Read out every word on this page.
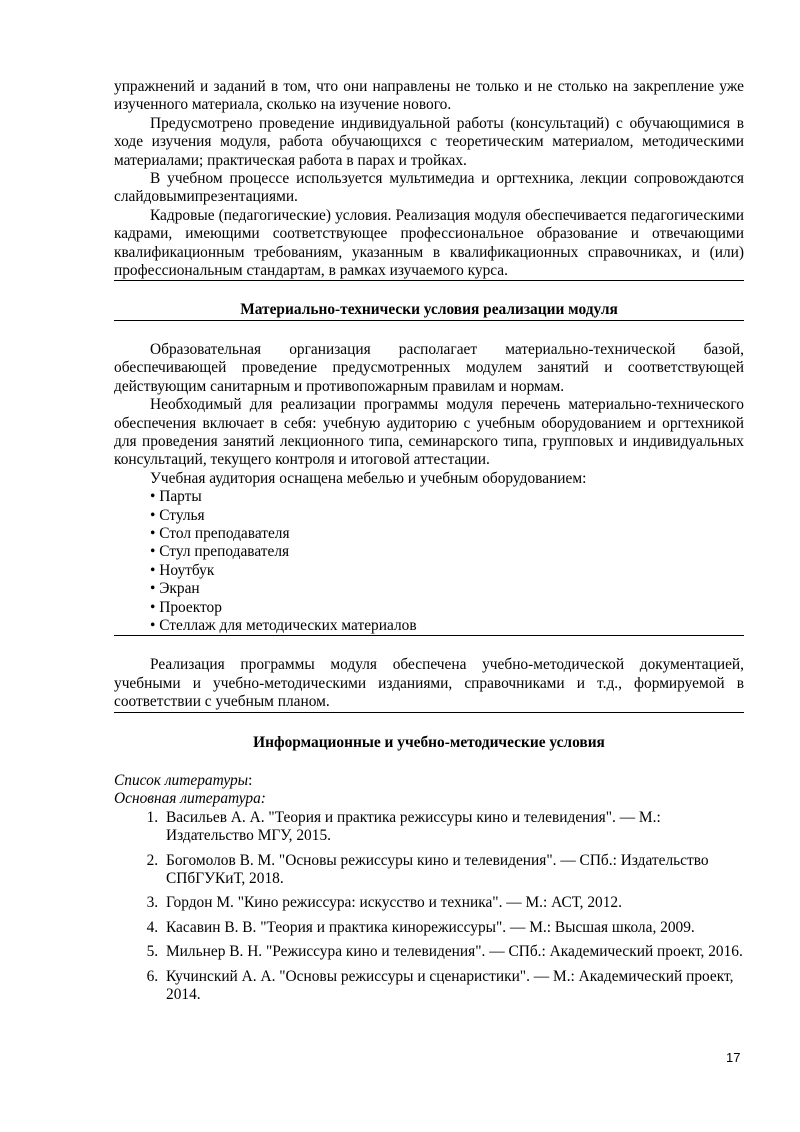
упражнений и заданий в том, что они направлены не только и не столько на закрепление уже изученного материала, сколько на изучение нового.

Предусмотрено проведение индивидуальной работы (консультаций) с обучающимися в ходе изучения модуля, работа обучающихся с теоретическим материалом, методическими материалами; практическая работа в парах и тройках.

В учебном процессе используется мультимедиа и оргтехника, лекции сопровождаются слайдовымипрезентациями.

Кадровые (педагогические) условия. Реализация модуля обеспечивается педагогическими кадрами, имеющими соответствующее профессиональное образование и отвечающими квалификационным требованиям, указанным в квалификационных справочниках, и (или) профессиональным стандартам, в рамках изучаемого курса.

Материально-технически условия реализации модуля

Образовательная организация располагает материально-технической базой, обеспечивающей проведение предусмотренных модулем занятий и соответствующей действующим санитарным и противопожарным правилам и нормам.

Необходимый для реализации программы модуля перечень материально-технического обеспечения включает в себя: учебную аудиторию с учебным оборудованием и оргтехникой для проведения занятий лекционного типа, семинарского типа, групповых и индивидуальных консультаций, текущего контроля и итоговой аттестации.

Учебная аудитория оснащена мебелью и учебным оборудованием:

• Парты
• Стулья
• Стол преподавателя
• Стул преподавателя
• Ноутбук
• Экран
• Проектор
• Стеллаж для методических материалов

Реализация программы модуля обеспечена учебно-методической документацией, учебными и учебно-методическими изданиями, справочниками и т.д., формируемой в соответствии с учебным планом.

Информационные и учебно-методические условия

Список литературы:

Основная литература:

1. Васильев А. А. "Теория и практика режиссуры кино и телевидения". — М.: Издательство МГУ, 2015.
2. Богомолов В. М. "Основы режиссуры кино и телевидения". — СПб.: Издательство СПбГУКиТ, 2018.
3. Гордон М. "Кино режиссура: искусство и техника". — М.: АСТ, 2012.
4. Касавин В. В. "Теория и практика кинорежиссуры". — М.: Высшая школа, 2009.
5. Мильнер В. Н. "Режиссура кино и телевидения". — СПб.: Академический проект, 2016.
6. Кучинский А. А. "Основы режиссуры и сценаристики". — М.: Академический проект, 2014.
17
